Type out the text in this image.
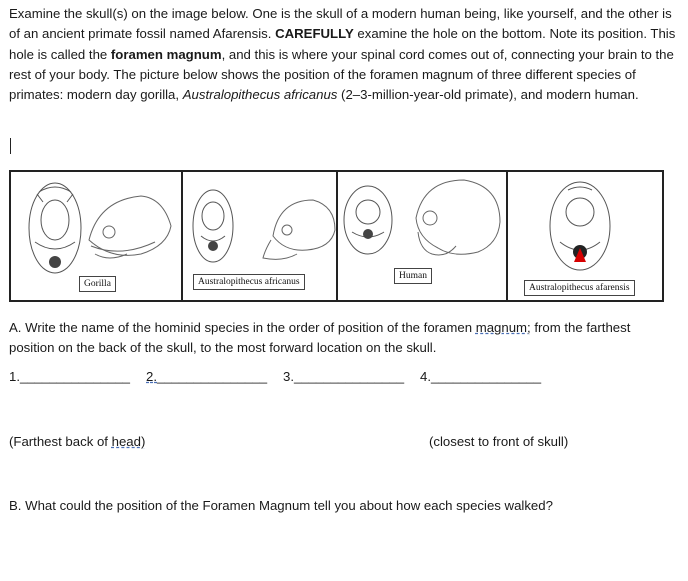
Examine the skull(s) on the image below. One is the skull of a modern human being, like yourself, and the other is of an ancient primate fossil named Afarensis. CAREFULLY examine the hole on the bottom. Note its position. This hole is called the foramen magnum, and this is where your spinal cord comes out of, connecting your brain to the rest of your body. The picture below shows the position of the foramen magnum of three different species of primates: modern day gorilla, Australopithecus africanus (2–3-million-year-old primate), and modern human.

Gorilla	Australopithecus africanus
Human
Australopithecus afarensis

A. Write the name of the hominid species in the order of position of the foramen magnum; from the farthest position on the back of the skull, to the most forward location on the skull.

1._______________ 2._______________ 3._______________ 4._______________
(Farthest back of head)	(closest to front of skull)

B. What could the position of the Foramen Magnum tell you about how each species walked?
